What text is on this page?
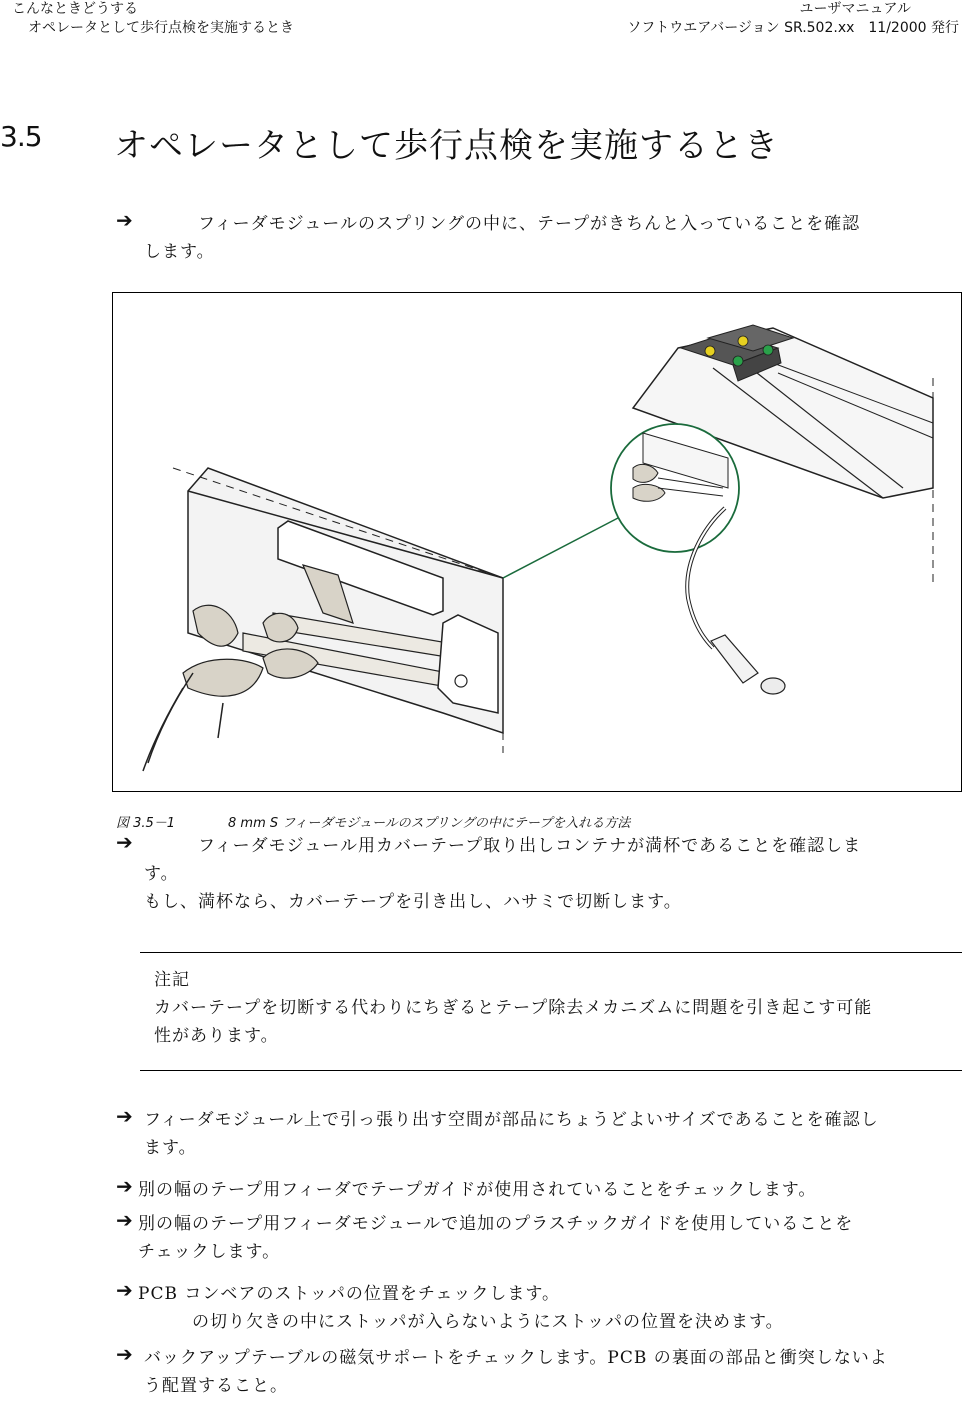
こんなときどうする
オペレータとして歩行点検を実施するとき
ユーザマニュアル
ソフトウエアバージョン SR.502.xx　11/2000 発行
3.5 オペレータとして歩行点検を実施するとき
➔ 　　　フィーダモジュールのスプリングの中に、テープがきちんと入っていることを確認
します。
図 3.5－1	8 mm S フィーダモジュールのスプリングの中にテープを入れる方法
➔ 　　　フィーダモジュール用カバーテープ取り出しコンテナが満杯であることを確認しま
す。
もし、満杯なら、カバーテープを引き出し、ハサミで切断します。
注記
カバーテープを切断する代わりにちぎるとテープ除去メカニズムに問題を引き起こす可能
性があります。
➔ フィーダモジュール上で引っ張り出す空間が部品にちょうどよいサイズであることを確認し
ます。
➔ 別の幅のテープ用フィーダでテープガイドが使用されていることをチェックします。
➔ 別の幅のテープ用フィーダモジュールで追加のプラスチックガイドを使用していることを
チェックします。
➔ PCB コンベアのストッパの位置をチェックします。
　　　の切り欠きの中にストッパが入らないようにストッパの位置を決めます。
➔ バックアップテーブルの磁気サポートをチェックします。PCB の裏面の部品と衝突しないよ
う配置すること。
